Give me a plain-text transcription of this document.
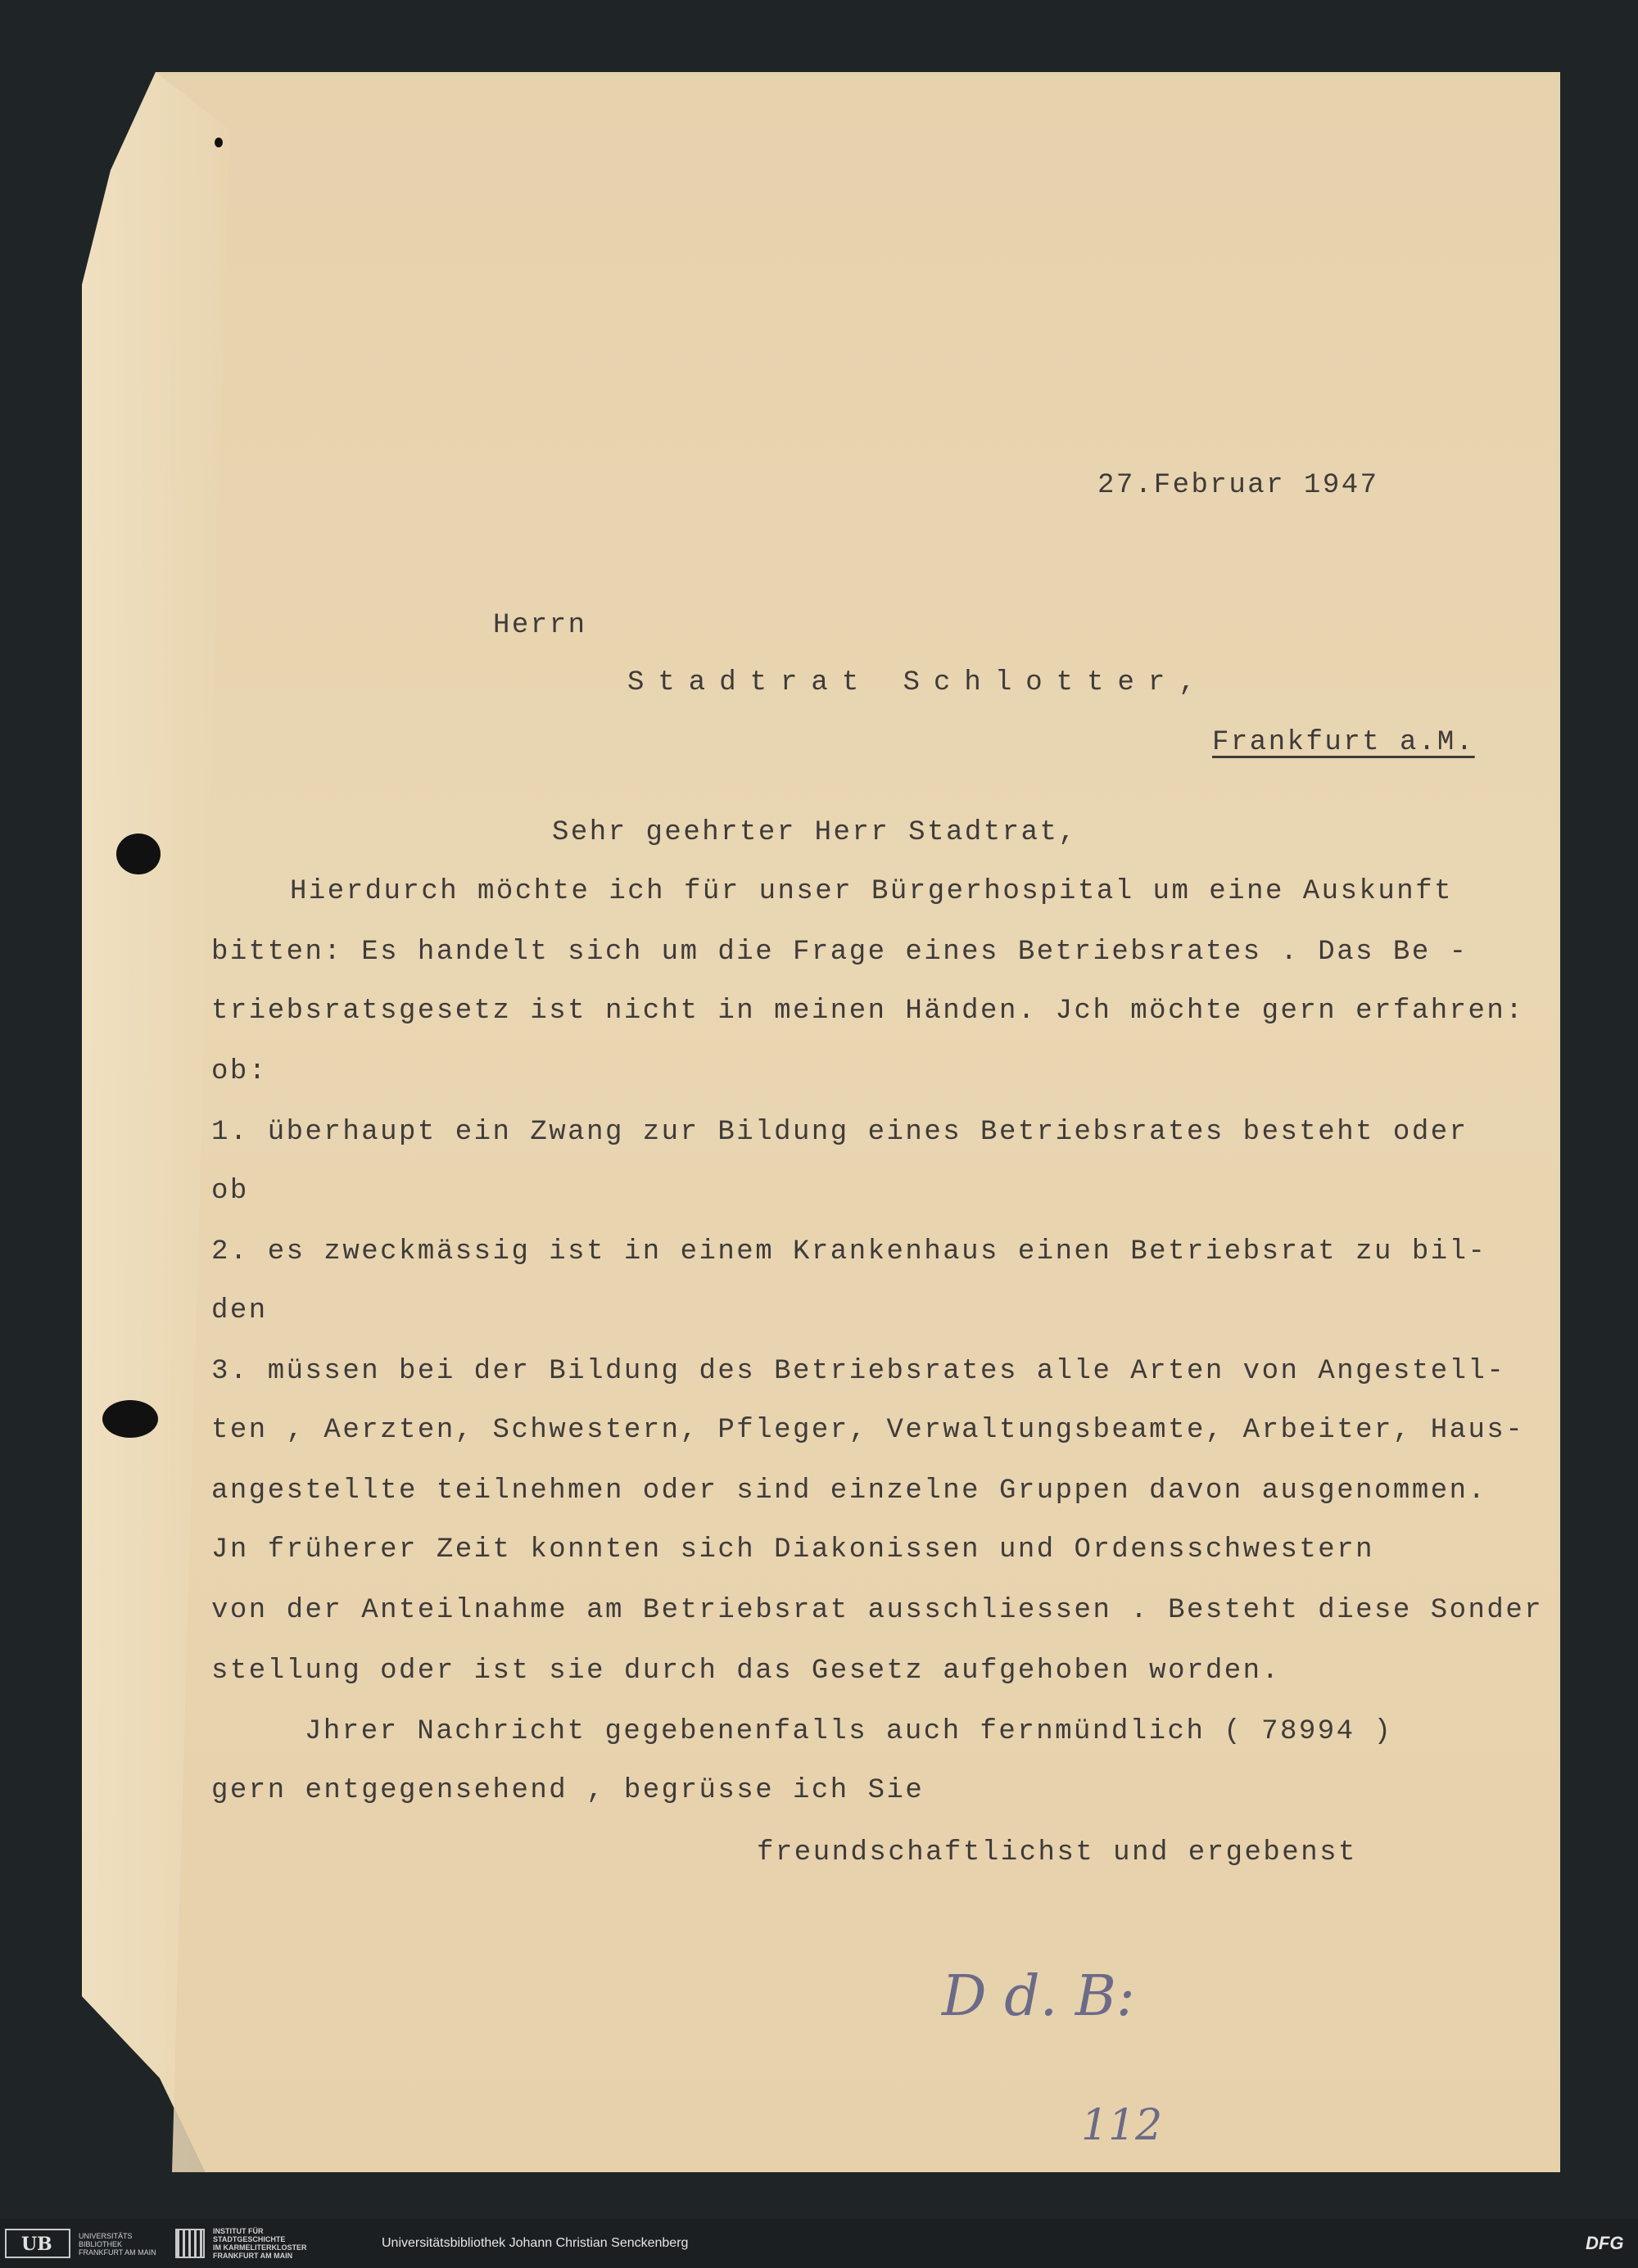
27.Februar 1947
Herrn
Stadtrat Schlotter,
Frankfurt a.M.
Sehr geehrter Herr Stadtrat,
Hierdurch möchte ich für unser Bürgerhospital um eine Auskunft
bitten: Es handelt sich um die Frage eines Betriebsrates . Das Be -
triebsratsgesetz ist nicht in meinen Händen. Jch möchte gern erfahren:
ob:
1. überhaupt ein Zwang zur Bildung eines Betriebsrates besteht oder
ob
2. es zweckmässig ist in einem Krankenhaus einen Betriebsrat zu bil-
den
3. müssen bei der Bildung des Betriebsrates alle Arten von Angestell-
ten , Aerzten, Schwestern, Pfleger, Verwaltungsbeamte, Arbeiter, Haus-
angestellte teilnehmen oder sind einzelne Gruppen davon ausgenommen.
Jn früherer Zeit konnten sich Diakonissen und Ordensschwestern
von der Anteilnahme am Betriebsrat ausschliessen . Besteht diese Sonder
stellung oder ist sie durch das Gesetz aufgehoben worden.
Jhrer Nachricht gegebenenfalls auch fernmündlich ( 78994 )
gern entgegensehend , begrüsse ich Sie
freundschaftlichst und ergebenst
D d. B:
112
UB	UNIVERSITÄTS
BIBLIOTHEK
FRANKFURT AM MAIN
INSTITUT FÜR
STADTGESCHICHTE
IM KARMELITERKLOSTER
FRANKFURT AM MAIN
Universitätsbibliothek Johann Christian Senckenberg	DFG
